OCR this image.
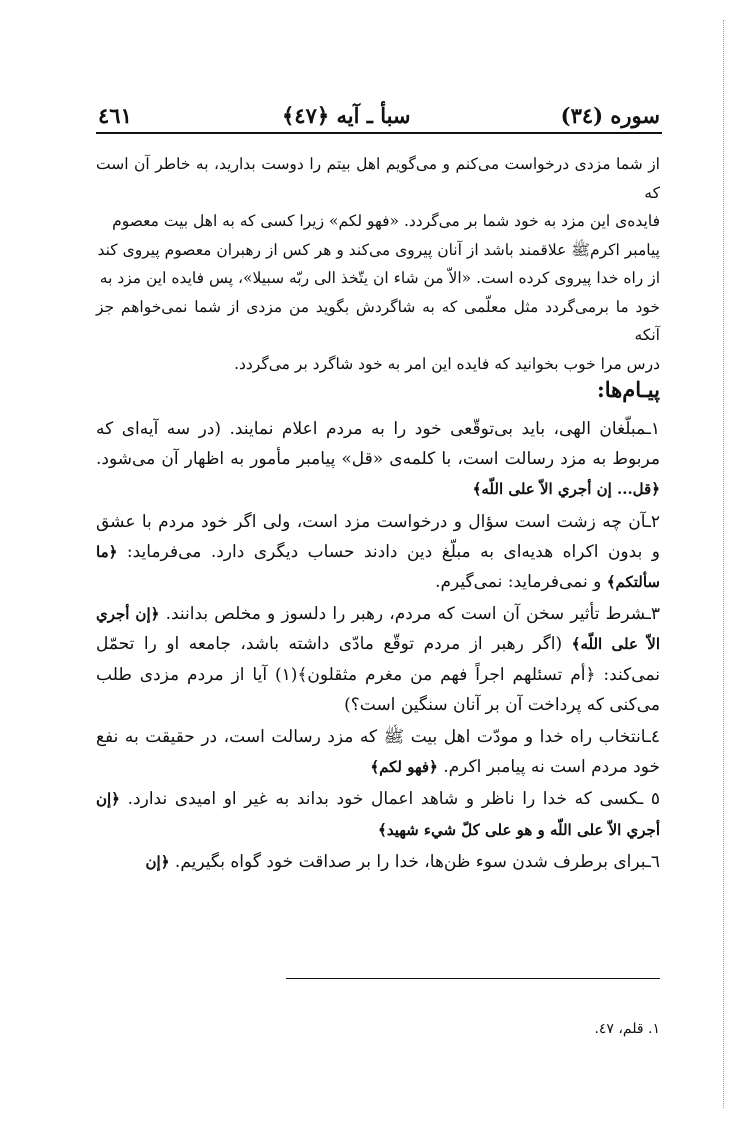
سوره (٣٤)
سبأ ـ آيه ﴿٤٧﴾
٤٦١

از شما مزدی درخواست می‌کنم و می‌گویم اهل بیتم را دوست بدارید، به خاطر آن است که

فایده‌ی این مزد به خود شما بر می‌گردد. «فهو لكم» زیرا کسی که به اهل بیت معصوم

پیامبر اکرمﷺ علاقمند باشد از آنان پیروی می‌کند و هر کس از رهبران معصوم پیروی کند

از راه خدا پیروی کرده است. «الاّ من شاء ان يتّخذ الى ربّه سبيلا»، پس فایده این مزد به

خود ما برمی‌گردد مثل معلّمی که به شاگردش بگوید من مزدی از شما نمی‌خواهم جز آنکه

درس مرا خوب بخوانید که فایده این امر به خود شاگرد بر می‌گردد.

پیـام‌ها:

١ـمبلّغان الهی، باید بی‌توقّعی خود را به مردم اعلام نمایند. (در سه آیه‌ای که مربوط به مزد رسالت است، با کلمه‌ی «قل» پیامبر مأمور به اظهار آن می‌شود. ﴿قل... إن أجري الاّ على اللّه﴾

٢ـآن چه زشت است سؤال و درخواست مزد است، ولی اگر خود مردم با عشق و بدون اکراه هدیه‌ای به مبلّغ دین دادند حساب دیگری دارد. می‌فرماید: ﴿ما سألتكم﴾ و نمی‌فرماید: نمی‌گیرم.

٣ـشرط تأثیر سخن آن است که مردم، رهبر را دلسوز و مخلص بدانند. ﴿إن أجري الاّ على اللّه﴾ (اگر رهبر از مردم توقّع مادّی داشته باشد، جامعه او را تحمّل نمی‌کند: ﴿أم تسئلهم اجراً فهم من مغرم مثقلون﴾(١) آیا از مردم مزدی طلب می‌کنی که پرداخت آن بر آنان سنگین است؟)

٤ـانتخاب راه خدا و مودّت اهل بیت ﷺ که مزد رسالت است، در حقیقت به نفع خود مردم است نه پیامبر اکرم. ﴿فهو لكم﴾

٥ ـکسی که خدا را ناظر و شاهد اعمال خود بداند به غیر او امیدی ندارد. ﴿إن أجري الاّ على اللّه و هو على كلّ شيء شهيد﴾

٦ـبرای برطرف شدن سوء ظن‌ها، خدا را بر صداقت خود گواه بگیریم. ﴿إن

١. قلم، ٤٧.
